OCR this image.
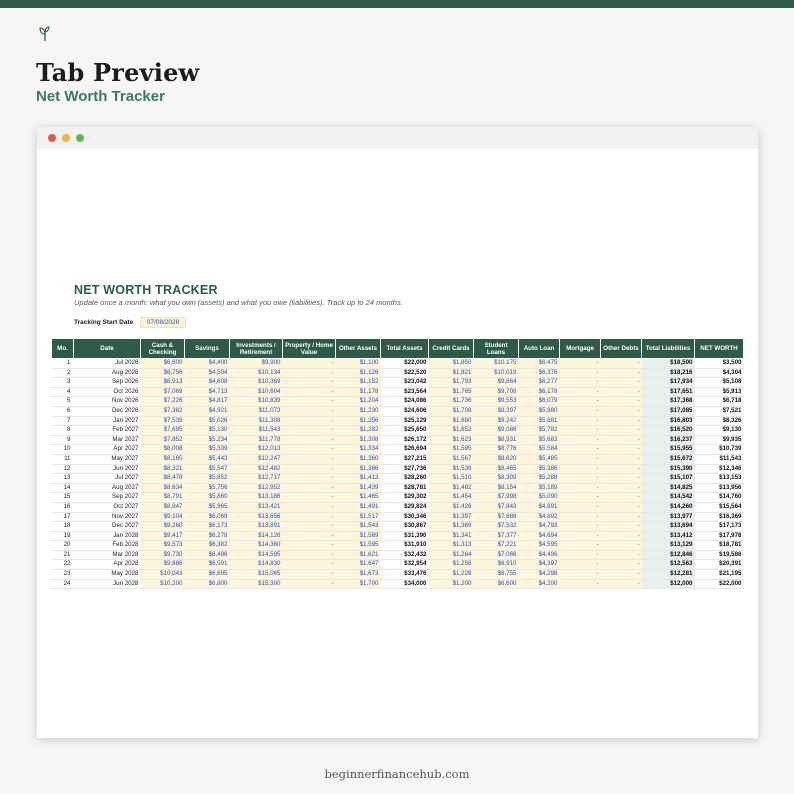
Tab Preview
Net Worth Tracker
NET WORTH TRACKER
Update once a month: what you own (assets) and what you owe (liabilities). Track up to 24 months.
Tracking Start Date	07/08/2026
Mo.	Date	Cash & Checking	Savings	Investments / Retirement	Property / Home Value	Other Assets	Total Assets	Credit Cards	Student Loans	Auto Loan	Mortgage	Other Debts	Total Liabilities	NET WORTH
1	Jul 2026	$6,600	$4,400	$9,900	-	$1,100	$22,000	$1,850	$10,175	$6,475	-	-	$18,500	$3,500
2	Aug 2026	$6,756	$4,504	$10,134	-	$1,126	$22,520	$1,821	$10,019	$6,376	-	-	$18,216	$4,304
3	Sep 2026	$6,913	$4,608	$10,369	-	$1,152	$23,042	$1,793	$9,864	$6,277	-	-	$17,934	$5,108
4	Oct 2026	$7,069	$4,713	$10,604	-	$1,178	$23,564	$1,765	$9,708	$6,178	-	-	$17,651	$5,913
5	Nov 2026	$7,226	$4,817	$10,839	-	$1,204	$24,086	$1,736	$9,553	$6,079	-	-	$17,368	$6,718
6	Dec 2026	$7,382	$4,921	$11,073	-	$1,230	$24,606	$1,708	$9,397	$5,980	-	-	$17,085	$7,521
7	Jan 2027	$7,539	$5,026	$11,308	-	$1,256	$25,129	$1,680	$9,242	$5,881	-	-	$16,803	$8,326
8	Feb 2027	$7,695	$5,130	$11,543	-	$1,282	$25,650	$1,652	$9,086	$5,782	-	-	$16,520	$9,130
9	Mar 2027	$7,852	$5,234	$11,778	-	$1,308	$26,172	$1,623	$8,931	$5,683	-	-	$16,237	$9,935
10	Apr 2027	$8,008	$5,339	$12,013	-	$1,334	$26,694	$1,595	$8,776	$5,584	-	-	$15,955	$10,739
11	May 2027	$8,165	$5,443	$12,247	-	$1,360	$27,215	$1,567	$8,620	$5,485	-	-	$15,672	$11,543
12	Jun 2027	$8,321	$5,547	$12,482	-	$1,386	$27,736	$1,539	$8,465	$5,386	-	-	$15,390	$12,346
13	Jul 2027	$8,478	$5,652	$12,717	-	$1,413	$28,260	$1,510	$8,309	$5,288	-	-	$15,107	$13,153
14	Aug 2027	$8,634	$5,756	$12,952	-	$1,439	$28,781	$1,482	$8,154	$5,189	-	-	$14,825	$13,956
15	Sep 2027	$8,791	$5,860	$13,186	-	$1,465	$29,302	$1,454	$7,998	$5,090	-	-	$14,542	$14,760
16	Oct 2027	$8,947	$5,965	$13,421	-	$1,491	$29,824	$1,426	$7,843	$4,991	-	-	$14,260	$15,564
17	Nov 2027	$9,104	$6,069	$13,656	-	$1,517	$30,346	$1,397	$7,688	$4,892	-	-	$13,977	$16,369
18	Dec 2027	$9,260	$6,173	$13,891	-	$1,543	$30,867	$1,369	$7,532	$4,793	-	-	$13,694	$17,173
19	Jan 2028	$9,417	$6,278	$14,126	-	$1,569	$31,390	$1,341	$7,377	$4,694	-	-	$13,412	$17,978
20	Feb 2028	$9,573	$6,382	$14,360	-	$1,595	$31,910	$1,313	$7,221	$4,595	-	-	$13,129	$18,781
21	Mar 2028	$9,730	$6,486	$14,595	-	$1,621	$32,432	$1,284	$7,066	$4,496	-	-	$12,846	$19,586
22	Apr 2028	$9,886	$6,591	$14,830	-	$1,647	$32,954	$1,256	$6,910	$4,397	-	-	$12,563	$20,391
23	May 2028	$10,043	$6,695	$15,065	-	$1,673	$33,476	$1,228	$6,755	$4,298	-	-	$12,281	$21,195
24	Jun 2028	$10,200	$6,800	$15,300	-	$1,700	$34,000	$1,200	$6,600	$4,200	-	-	$12,000	$22,000
beginnerfinancehub.com
